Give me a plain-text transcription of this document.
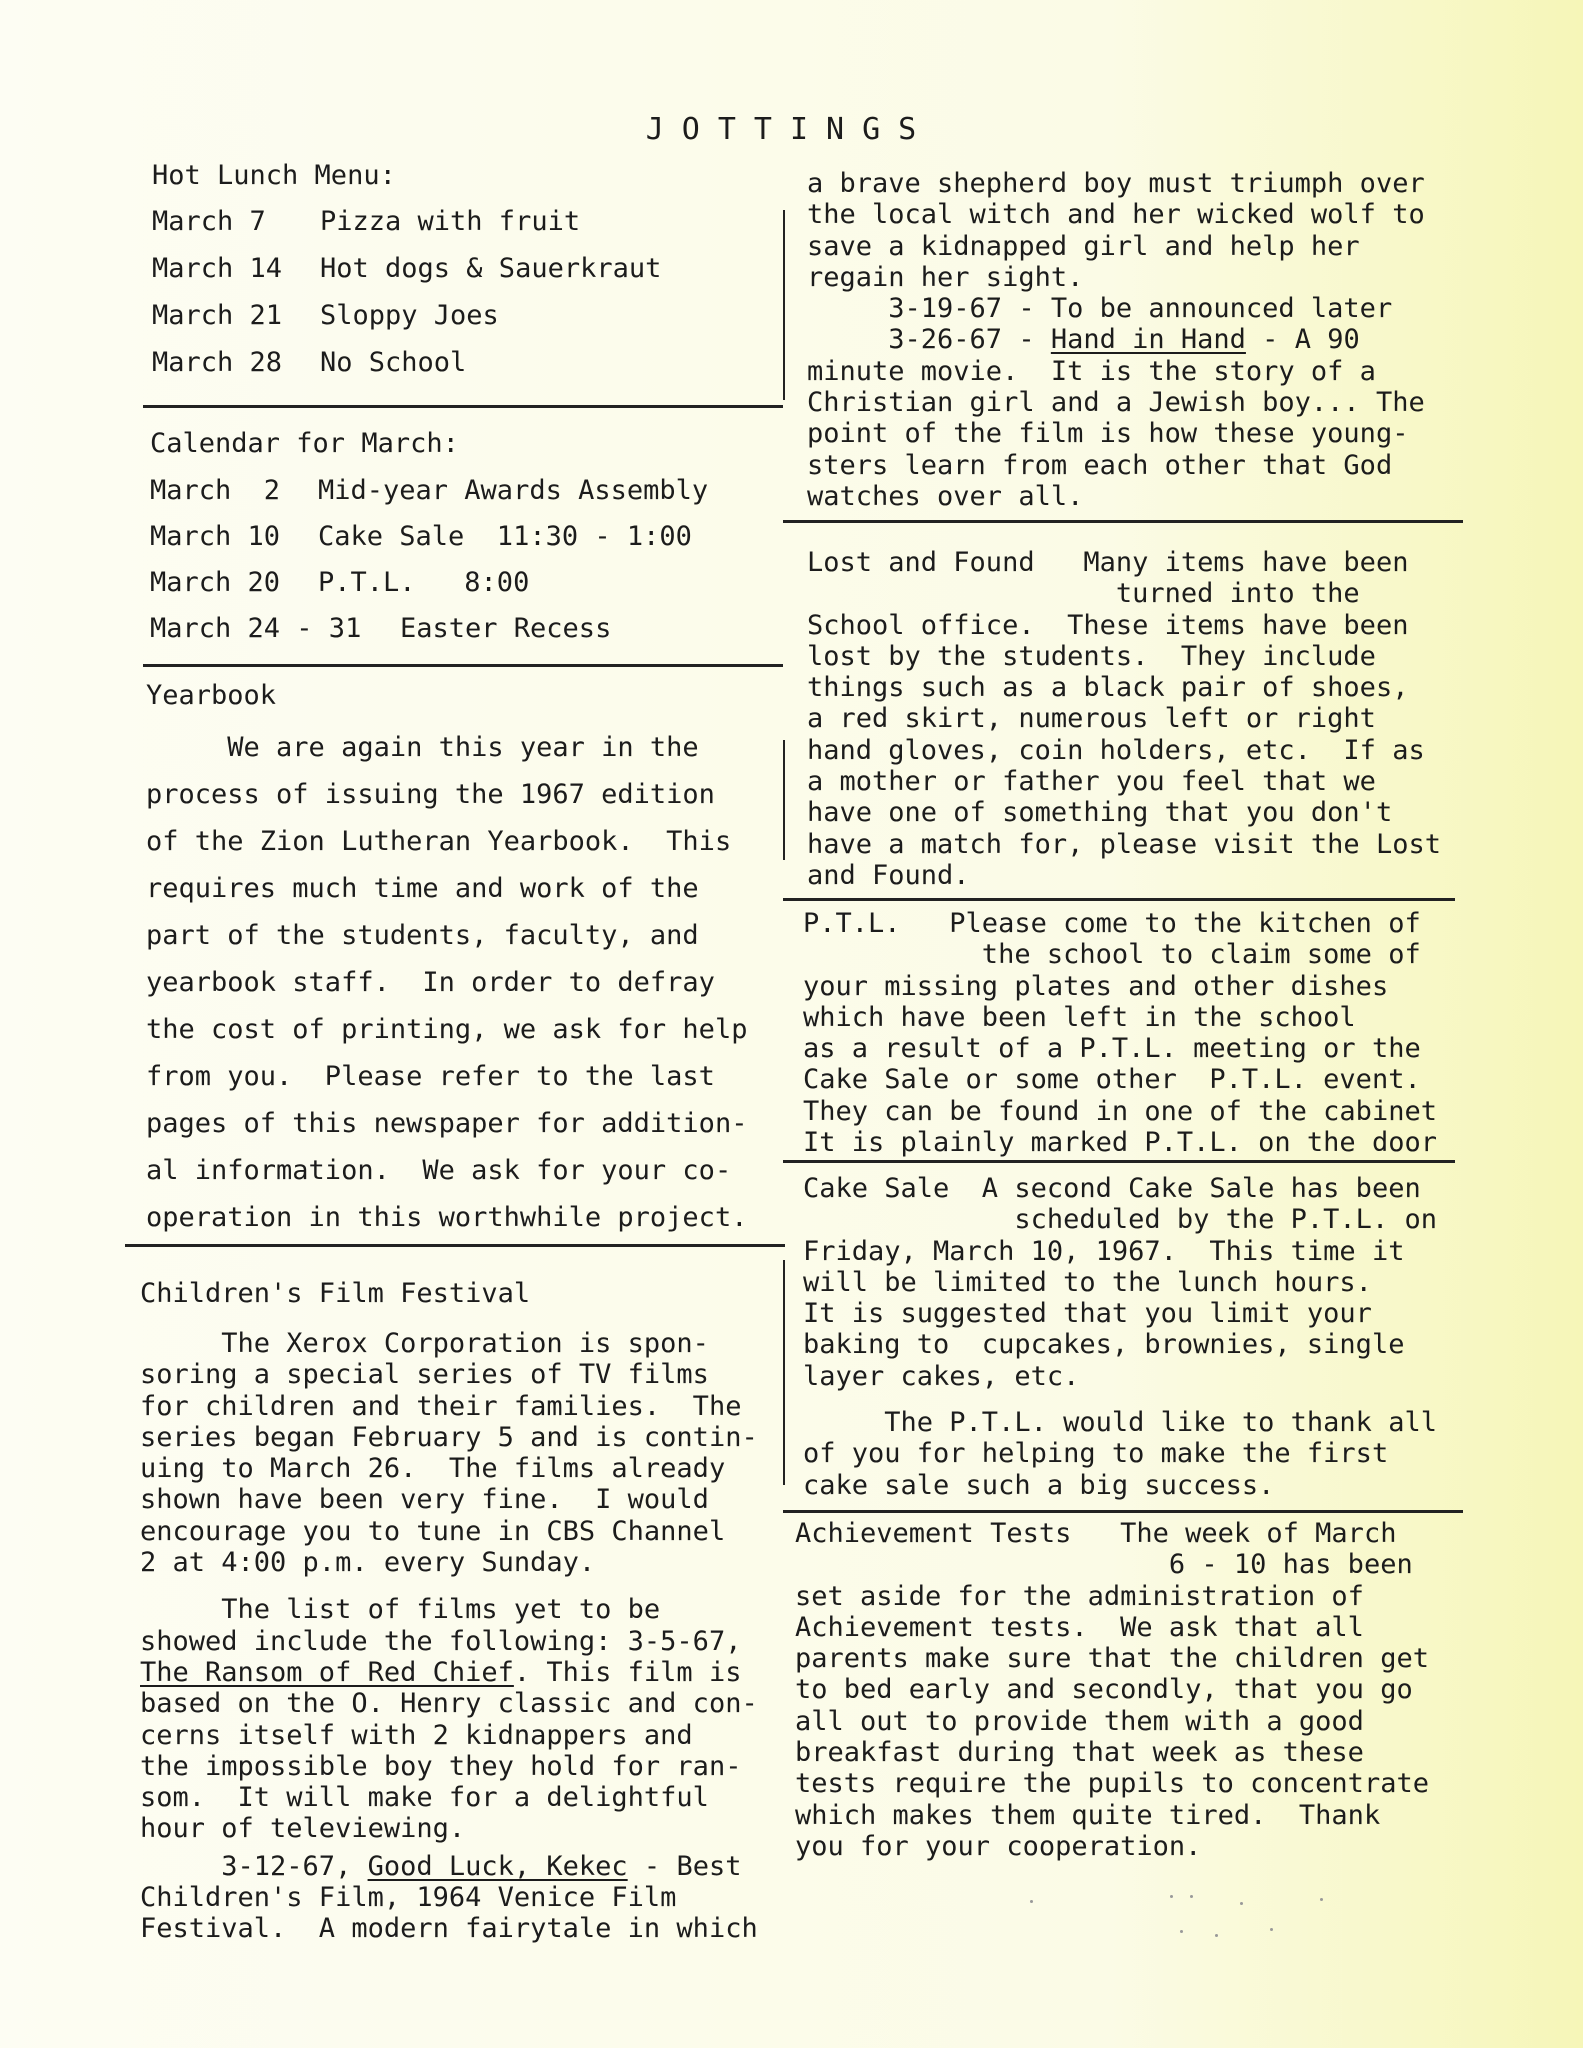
JOTTINGS
Hot Lunch Menu:
March 7 Pizza with fruit
March 14 Hot dogs & Sauerkraut
March 21 Sloppy Joes
March 28 No School
Calendar for March:
March  2 Mid-year Awards Assembly
March 10 Cake Sale  11:30 - 1:00
March 20 P.T.L.   8:00
March 24 - 31 Easter Recess
Yearbook
We are again this year in the
process of issuing the 1967 edition
of the Zion Lutheran Yearbook.  This
requires much time and work of the
part of the students, faculty, and
yearbook staff.  In order to defray
the cost of printing, we ask for help
from you.  Please refer to the last
pages of this newspaper for addition-
al information.  We ask for your co-
operation in this worthwhile project.
Children's Film Festival
The Xerox Corporation is spon-
soring a special series of TV films
for children and their families.  The
series began February 5 and is contin-
uing to March 26.  The films already
shown have been very fine.  I would
encourage you to tune in CBS Channel
2 at 4:00 p.m. every Sunday.
The list of films yet to be
showed include the following: 3-5-67,
The Ransom of Red Chief. This film is
based on the O. Henry classic and con-
cerns itself with 2 kidnappers and
the impossible boy they hold for ran-
som.  It will make for a delightful
hour of televiewing.
3-12-67, Good Luck, Kekec - Best
Children's Film, 1964 Venice Film
Festival.  A modern fairytale in which
a brave shepherd boy must triumph over
the local witch and her wicked wolf to
save a kidnapped girl and help her
regain her sight.
3-19-67 - To be announced later
3-26-67 - Hand in Hand - A 90
minute movie.  It is the story of a
Christian girl and a Jewish boy... The
point of the film is how these young-
sters learn from each other that God
watches over all.
Lost and Found   Many items have been
turned into the
School office.  These items have been
lost by the students.  They include
things such as a black pair of shoes,
a red skirt, numerous left or right
hand gloves, coin holders, etc.  If as
a mother or father you feel that we
have one of something that you don't
have a match for, please visit the Lost
and Found.
P.T.L.   Please come to the kitchen of
the school to claim some of
your missing plates and other dishes
which have been left in the school
as a result of a P.T.L. meeting or the
Cake Sale or some other  P.T.L. event.
They can be found in one of the cabinet
It is plainly marked P.T.L. on the door
Cake Sale  A second Cake Sale has been
scheduled by the P.T.L. on
Friday, March 10, 1967.  This time it
will be limited to the lunch hours.
It is suggested that you limit your
baking to  cupcakes, brownies, single
layer cakes, etc.
The P.T.L. would like to thank all
of you for helping to make the first
cake sale such a big success.
Achievement Tests   The week of March
6 - 10 has been
set aside for the administration of
Achievement tests.  We ask that all
parents make sure that the children get
to bed early and secondly, that you go
all out to provide them with a good
breakfast during that week as these
tests require the pupils to concentrate
which makes them quite tired.  Thank
you for your cooperation.
